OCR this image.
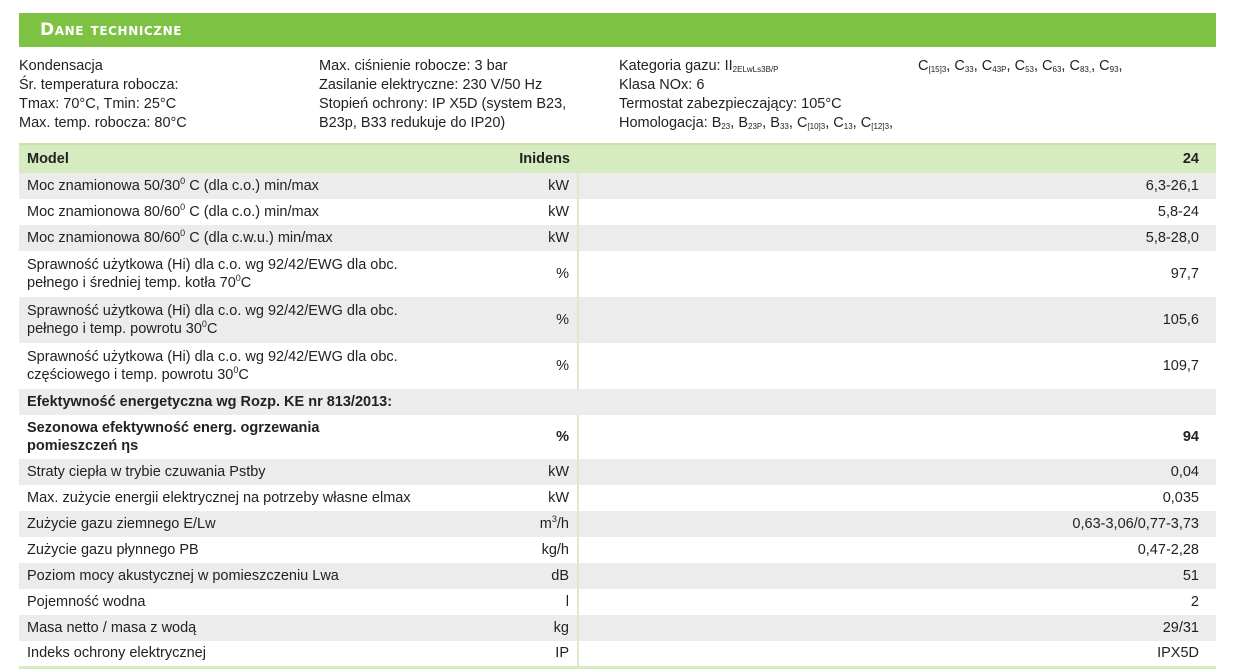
Dane techniczne
Kondensacja
Śr. temperatura robocza:
Tmax: 70°C, Tmin: 25°C
Max. temp. robocza: 80°C
Max. ciśnienie robocze: 3 bar
Zasilanie elektryczne: 230 V/50 Hz
Stopień ochrony: IP X5D (system B23,
B23p, B33 redukuje do IP20)
Kategoria gazu: $II_{2ELwLs3B/P}$
Klasa NOx: 6
Termostat zabezpieczający: 105°C
Homologacja: $B_{23}$, $B_{23P}$, $B_{33}$, $C_{[10]3}$, $C_{13}$, $C_{[12]3}$,
$C_{[15]3}$, $C_{33}$, $C_{43P}$, $C_{53}$, $C_{63}$, $C_{83,}$, $C_{93}$,
Model	Inidens	24
Moc znamionowa $50/30^0$ C (dla c.o.) min/max	kW	6,3-26,1
Moc znamionowa $80/60^0$ C (dla c.o.) min/max	kW	5,8-24
Moc znamionowa $80/60^0$ C (dla c.w.u.) min/max	kW	5,8-28,0
Sprawność użytkowa (Hi) dla c.o. wg 92/42/EWG dla obc.
pełnego i średniej temp. kotła $70^0C$	%	97,7
Sprawność użytkowa (Hi) dla c.o. wg 92/42/EWG dla obc.
pełnego i temp. powrotu $30^0C$	%	105,6
Sprawność użytkowa (Hi) dla c.o. wg 92/42/EWG dla obc.
częściowego i temp. powrotu $30^0C$	%	109,7
Efektywność energetyczna wg Rozp. KE nr 813/2013:		
Sezonowa efektywność energ. ogrzewania
pomieszczeń ηs	%	94
Straty ciepła w trybie czuwania Pstby	kW	0,04
Max. zużycie energii elektrycznej na potrzeby własne elmax	kW	0,035
Zużycie gazu ziemnego E/Lw	$m^3/h$	0,63-3,06/0,77-3,73
Zużycie gazu płynnego PB	kg/h	0,47-2,28
Poziom mocy akustycznej w pomieszczeniu Lwa	dB	51
Pojemność wodna	l	2
Masa netto / masa z wodą	kg	29/31
Indeks ochrony elektrycznej	IP	IPX5D
